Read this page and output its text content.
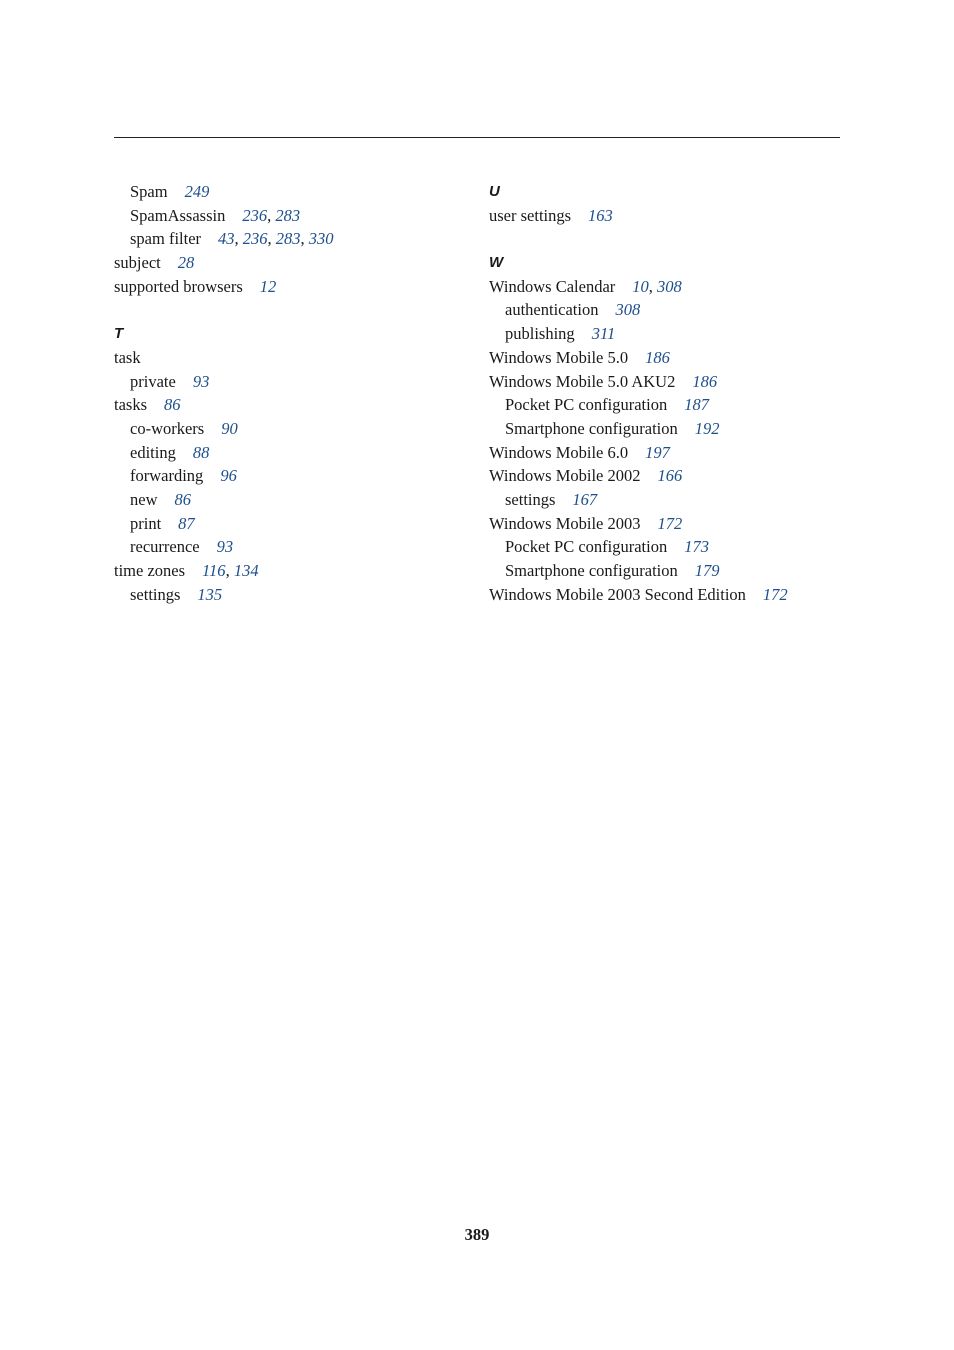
Spam 249
SpamAssassin 236, 283
spam filter 43, 236, 283, 330
subject 28
supported browsers 12
T
task
private 93
tasks 86
co-workers 90
editing 88
forwarding 96
new 86
print 87
recurrence 93
time zones 116, 134
settings 135
U
user settings 163
W
Windows Calendar 10, 308
authentication 308
publishing 311
Windows Mobile 5.0 186
Windows Mobile 5.0 AKU2 186
Pocket PC configuration 187
Smartphone configuration 192
Windows Mobile 6.0 197
Windows Mobile 2002 166
settings 167
Windows Mobile 2003 172
Pocket PC configuration 173
Smartphone configuration 179
Windows Mobile 2003 Second Edition 172
389
